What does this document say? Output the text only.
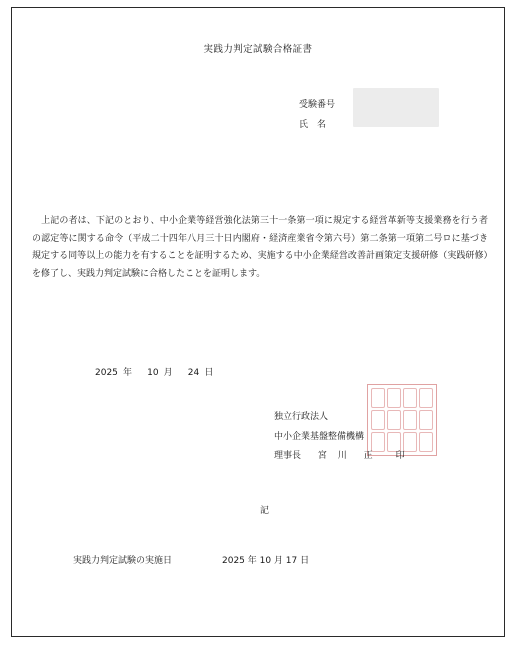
実践力判定試験合格証書
受験番号
氏　名

　上記の者は、下記のとおり、中小企業等経営強化法第三十一条第一項に規定する経営革新等支援業務を行う者の認定等に関する命令（平成二十四年八月三十日内閣府・経済産業省令第六号）第二条第一項第二号ロに基づき規定する同等以上の能力を有することを証明するため、実施する中小企業経営改善計画策定支援研修（実践研修）を修了し、実践力判定試験に合格したことを証明します。

2025 年 10 月 24 日
独立行政法人
中小企業基盤整備機構
理事長 宮 川 正	印
記
実践力判定試験の実施日	2025 年 10 月 17 日
